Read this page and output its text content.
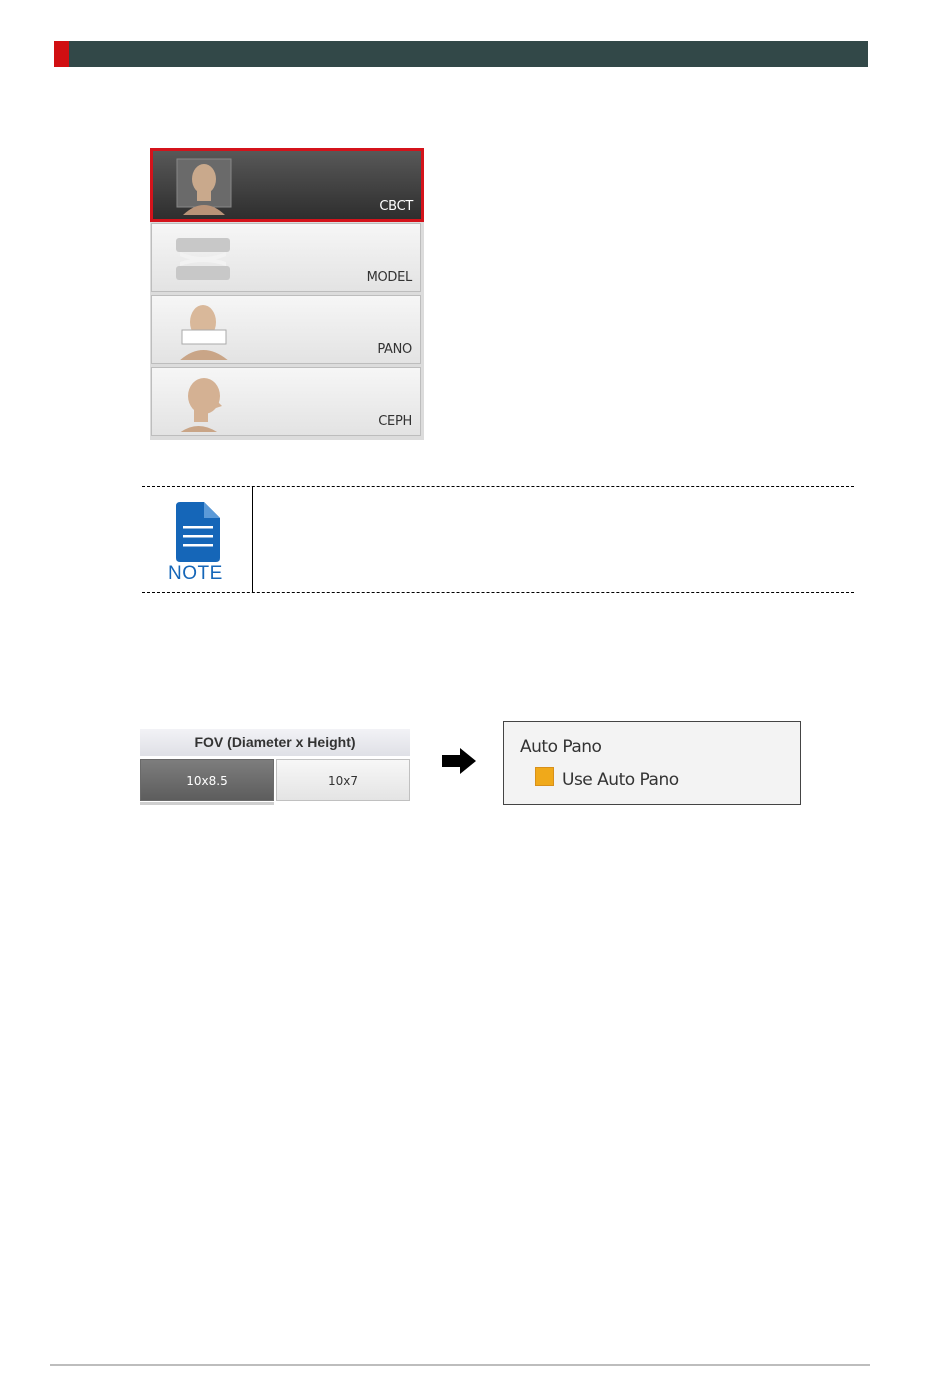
CBCT
MODEL
PANO
CEPH
NOTE
FOV (Diameter x Height)
10x8.5	10x7
Auto Pano
Use Auto Pano
